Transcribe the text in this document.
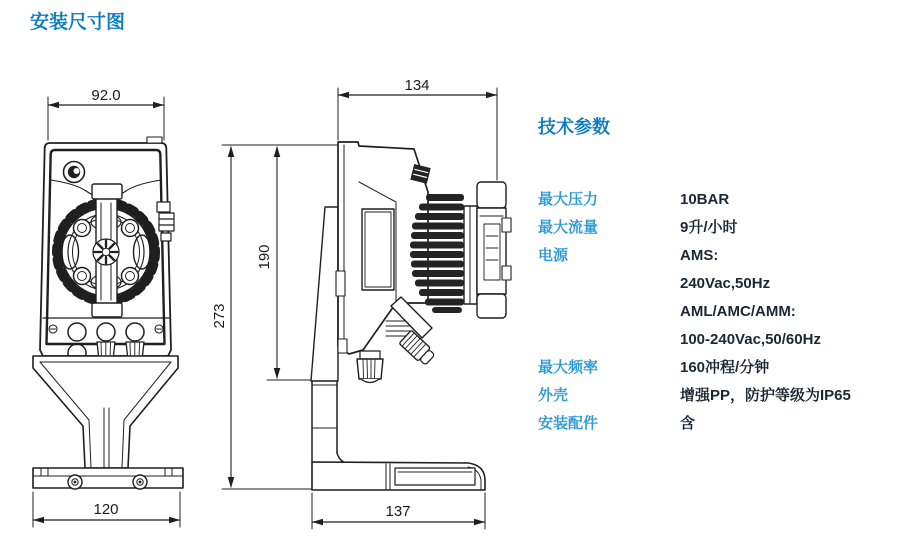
安装尺寸图
92.0
120
273
190
134
137
技术参数
最大压力	10BAR
最大流量	9升/小时
电源	AMS:
240Vac,50Hz
AML/AMC/AMM:
100-240Vac,50/60Hz
最大频率	160冲程/分钟
外壳	增强PP，防护等级为IP65
安装配件	含
